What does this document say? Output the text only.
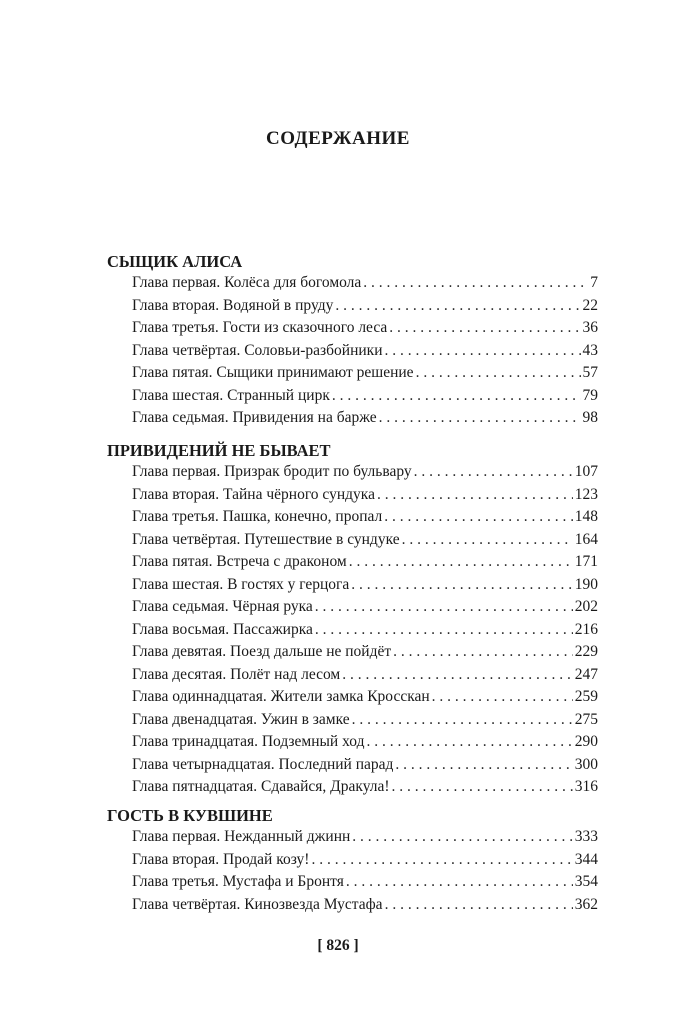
СОДЕРЖАНИЕ
СЫЩИК АЛИСА
Глава первая. Колёса для богомола . . .	7
Глава вторая. Водяной в пруду . . .	22
Глава третья. Гости из сказочного леса . . .	36
Глава четвёртая. Соловьи-разбойники . . .	43
Глава пятая. Сыщики принимают решение . . .	57
Глава шестая. Странный цирк . . .	79
Глава седьмая. Привидения на барже . . .	98
ПРИВИДЕНИЙ НЕ БЫВАЕТ
Глава первая. Призрак бродит по бульвару . . .	107
Глава вторая. Тайна чёрного сундука . . .	123
Глава третья. Пашка, конечно, пропал . . .	148
Глава четвёртая. Путешествие в сундуке . . .	164
Глава пятая. Встреча с драконом . . .	171
Глава шестая. В гостях у герцога . . .	190
Глава седьмая. Чёрная рука . . .	202
Глава восьмая. Пассажирка . . .	216
Глава девятая. Поезд дальше не пойдёт . . .	229
Глава десятая. Полёт над лесом . . .	247
Глава одиннадцатая. Жители замка Кросскан . . .	259
Глава двенадцатая. Ужин в замке . . .	275
Глава тринадцатая. Подземный ход . . .	290
Глава четырнадцатая. Последний парад . . .	300
Глава пятнадцатая. Сдавайся, Дракула! . . .	316
ГОСТЬ В КУВШИНЕ
Глава первая. Нежданный джинн . . .	333
Глава вторая. Продай козу! . . .	344
Глава третья. Мустафа и Бронтя . . .	354
Глава четвёртая. Кинозвезда Мустафа . . .	362
[ 826 ]
